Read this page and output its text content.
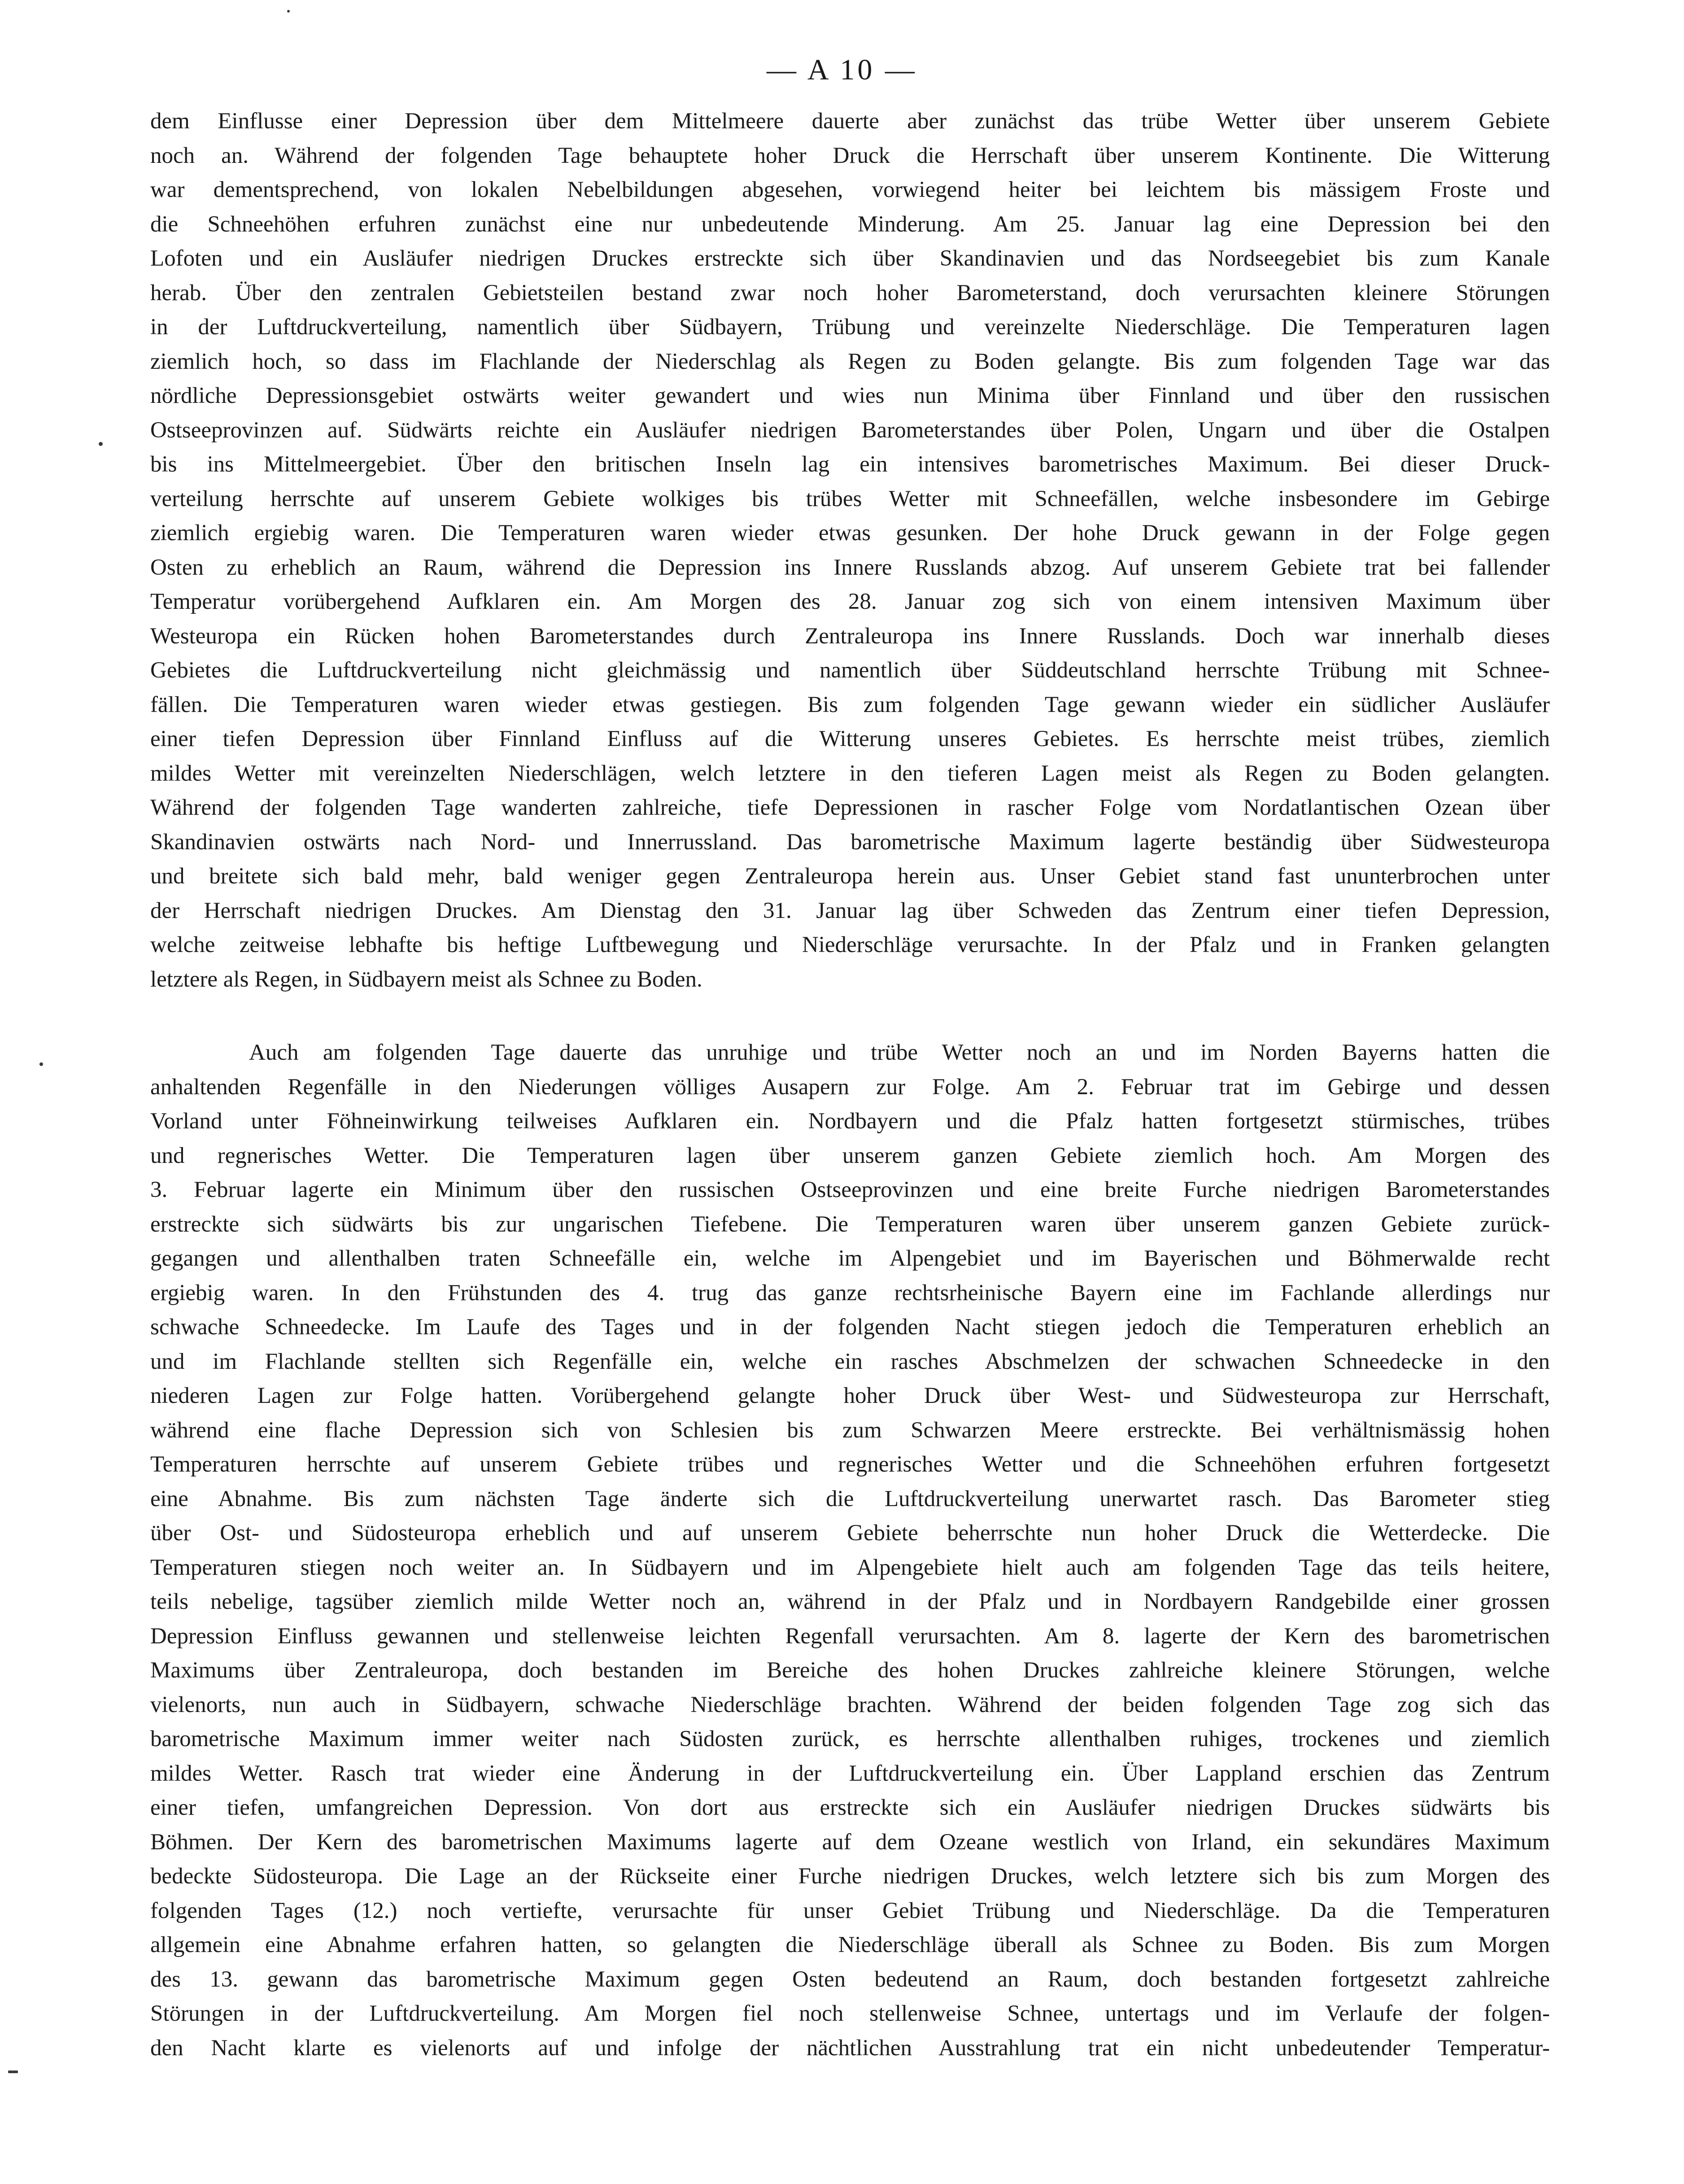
— A 10 —
dem Einflusse einer Depression über dem Mittelmeere dauerte aber zunächst das trübe Wetter über unserem Gebiete
noch an. Während der folgenden Tage behauptete hoher Druck die Herrschaft über unserem Kontinente. Die Witterung
war dementsprechend, von lokalen Nebelbildungen abgesehen, vorwiegend heiter bei leichtem bis mässigem Froste und
die Schneehöhen erfuhren zunächst eine nur unbedeutende Minderung. Am 25. Januar lag eine Depression bei den
Lofoten und ein Ausläufer niedrigen Druckes erstreckte sich über Skandinavien und das Nordseegebiet bis zum Kanale
herab. Über den zentralen Gebietsteilen bestand zwar noch hoher Barometerstand, doch verursachten kleinere Störungen
in der Luftdruckverteilung, namentlich über Südbayern, Trübung und vereinzelte Niederschläge. Die Temperaturen lagen
ziemlich hoch, so dass im Flachlande der Niederschlag als Regen zu Boden gelangte. Bis zum folgenden Tage war das
nördliche Depressionsgebiet ostwärts weiter gewandert und wies nun Minima über Finnland und über den russischen
Ostseeprovinzen auf. Südwärts reichte ein Ausläufer niedrigen Barometerstandes über Polen, Ungarn und über die Ostalpen
bis ins Mittelmeergebiet. Über den britischen Inseln lag ein intensives barometrisches Maximum. Bei dieser Druck-
verteilung herrschte auf unserem Gebiete wolkiges bis trübes Wetter mit Schneefällen, welche insbesondere im Gebirge
ziemlich ergiebig waren. Die Temperaturen waren wieder etwas gesunken. Der hohe Druck gewann in der Folge gegen
Osten zu erheblich an Raum, während die Depression ins Innere Russlands abzog. Auf unserem Gebiete trat bei fallender
Temperatur vorübergehend Aufklaren ein. Am Morgen des 28. Januar zog sich von einem intensiven Maximum über
Westeuropa ein Rücken hohen Barometerstandes durch Zentraleuropa ins Innere Russlands. Doch war innerhalb dieses
Gebietes die Luftdruckverteilung nicht gleichmässig und namentlich über Süddeutschland herrschte Trübung mit Schnee-
fällen. Die Temperaturen waren wieder etwas gestiegen. Bis zum folgenden Tage gewann wieder ein südlicher Ausläufer
einer tiefen Depression über Finnland Einfluss auf die Witterung unseres Gebietes. Es herrschte meist trübes, ziemlich
mildes Wetter mit vereinzelten Niederschlägen, welch letztere in den tieferen Lagen meist als Regen zu Boden gelangten.
Während der folgenden Tage wanderten zahlreiche, tiefe Depressionen in rascher Folge vom Nordatlantischen Ozean über
Skandinavien ostwärts nach Nord- und Innerrussland. Das barometrische Maximum lagerte beständig über Südwesteuropa
und breitete sich bald mehr, bald weniger gegen Zentraleuropa herein aus. Unser Gebiet stand fast ununterbrochen unter
der Herrschaft niedrigen Druckes. Am Dienstag den 31. Januar lag über Schweden das Zentrum einer tiefen Depression,
welche zeitweise lebhafte bis heftige Luftbewegung und Niederschläge verursachte. In der Pfalz und in Franken gelangten
letztere als Regen, in Südbayern meist als Schnee zu Boden.
Auch am folgenden Tage dauerte das unruhige und trübe Wetter noch an und im Norden Bayerns hatten die
anhaltenden Regenfälle in den Niederungen völliges Ausapern zur Folge. Am 2. Februar trat im Gebirge und dessen
Vorland unter Föhneinwirkung teilweises Aufklaren ein. Nordbayern und die Pfalz hatten fortgesetzt stürmisches, trübes
und regnerisches Wetter. Die Temperaturen lagen über unserem ganzen Gebiete ziemlich hoch. Am Morgen des
3. Februar lagerte ein Minimum über den russischen Ostseeprovinzen und eine breite Furche niedrigen Barometerstandes
erstreckte sich südwärts bis zur ungarischen Tiefebene. Die Temperaturen waren über unserem ganzen Gebiete zurück-
gegangen und allenthalben traten Schneefälle ein, welche im Alpengebiet und im Bayerischen und Böhmerwalde recht
ergiebig waren. In den Frühstunden des 4. trug das ganze rechtsrheinische Bayern eine im Fachlande allerdings nur
schwache Schneedecke. Im Laufe des Tages und in der folgenden Nacht stiegen jedoch die Temperaturen erheblich an
und im Flachlande stellten sich Regenfälle ein, welche ein rasches Abschmelzen der schwachen Schneedecke in den
niederen Lagen zur Folge hatten. Vorübergehend gelangte hoher Druck über West- und Südwesteuropa zur Herrschaft,
während eine flache Depression sich von Schlesien bis zum Schwarzen Meere erstreckte. Bei verhältnismässig hohen
Temperaturen herrschte auf unserem Gebiete trübes und regnerisches Wetter und die Schneehöhen erfuhren fortgesetzt
eine Abnahme. Bis zum nächsten Tage änderte sich die Luftdruckverteilung unerwartet rasch. Das Barometer stieg
über Ost- und Südosteuropa erheblich und auf unserem Gebiete beherrschte nun hoher Druck die Wetterdecke. Die
Temperaturen stiegen noch weiter an. In Südbayern und im Alpengebiete hielt auch am folgenden Tage das teils heitere,
teils nebelige, tagsüber ziemlich milde Wetter noch an, während in der Pfalz und in Nordbayern Randgebilde einer grossen
Depression Einfluss gewannen und stellenweise leichten Regenfall verursachten. Am 8. lagerte der Kern des barometrischen
Maximums über Zentraleuropa, doch bestanden im Bereiche des hohen Druckes zahlreiche kleinere Störungen, welche
vielenorts, nun auch in Südbayern, schwache Niederschläge brachten. Während der beiden folgenden Tage zog sich das
barometrische Maximum immer weiter nach Südosten zurück, es herrschte allenthalben ruhiges, trockenes und ziemlich
mildes Wetter. Rasch trat wieder eine Änderung in der Luftdruckverteilung ein. Über Lappland erschien das Zentrum
einer tiefen, umfangreichen Depression. Von dort aus erstreckte sich ein Ausläufer niedrigen Druckes südwärts bis
Böhmen. Der Kern des barometrischen Maximums lagerte auf dem Ozeane westlich von Irland, ein sekundäres Maximum
bedeckte Südosteuropa. Die Lage an der Rückseite einer Furche niedrigen Druckes, welch letztere sich bis zum Morgen des
folgenden Tages (12.) noch vertiefte, verursachte für unser Gebiet Trübung und Niederschläge. Da die Temperaturen
allgemein eine Abnahme erfahren hatten, so gelangten die Niederschläge überall als Schnee zu Boden. Bis zum Morgen
des 13. gewann das barometrische Maximum gegen Osten bedeutend an Raum, doch bestanden fortgesetzt zahlreiche
Störungen in der Luftdruckverteilung. Am Morgen fiel noch stellenweise Schnee, untertags und im Verlaufe der folgen-
den Nacht klarte es vielenorts auf und infolge der nächtlichen Ausstrahlung trat ein nicht unbedeutender Temperatur-
